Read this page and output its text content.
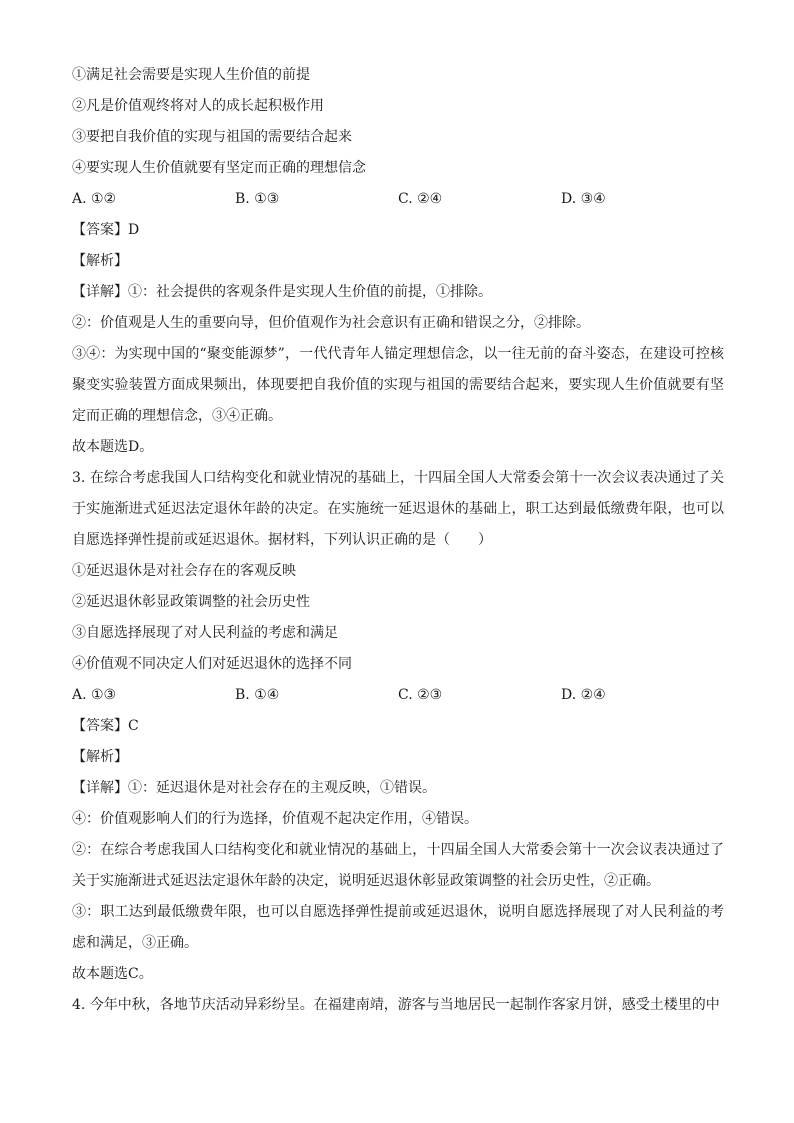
①满足社会需要是实现人生价值的前提
②凡是价值观终将对人的成长起积极作用
③要把自我价值的实现与祖国的需要结合起来
④要实现人生价值就要有坚定而正确的理想信念
A. ①②	B. ①③	C. ②④	D. ③④
【答案】D
【解析】
【详解】①：社会提供的客观条件是实现人生价值的前提，①排除。
②：价值观是人生的重要向导，但价值观作为社会意识有正确和错误之分，②排除。
③④：为实现中国的“聚变能源梦”，一代代青年人锚定理想信念，以一往无前的奋斗姿态，在建设可控核聚变实验装置方面成果频出，体现要把自我价值的实现与祖国的需要结合起来，要实现人生价值就要有坚定而正确的理想信念，③④正确。
故本题选D。
3. 在综合考虑我国人口结构变化和就业情况的基础上，十四届全国人大常委会第十一次会议表决通过了关于实施渐进式延迟法定退休年龄的决定。在实施统一延迟退休的基础上，职工达到最低缴费年限，也可以自愿选择弹性提前或延迟退休。据材料，下列认识正确的是（　　）
①延迟退休是对社会存在的客观反映
②延迟退休彰显政策调整的社会历史性
③自愿选择展现了对人民利益的考虑和满足
④价值观不同决定人们对延迟退休的选择不同
A. ①③	B. ①④	C. ②③	D. ②④
【答案】C
【解析】
【详解】①：延迟退休是对社会存在的主观反映，①错误。
④：价值观影响人们的行为选择，价值观不起决定作用，④错误。
②：在综合考虑我国人口结构变化和就业情况的基础上，十四届全国人大常委会第十一次会议表决通过了关于实施渐进式延迟法定退休年龄的决定，说明延迟退休彰显政策调整的社会历史性，②正确。
③：职工达到最低缴费年限，也可以自愿选择弹性提前或延迟退休，说明自愿选择展现了对人民利益的考虑和满足，③正确。
故本题选C。
4. 今年中秋，各地节庆活动异彩纷呈。在福建南靖，游客与当地居民一起制作客家月饼，感受土楼里的中
